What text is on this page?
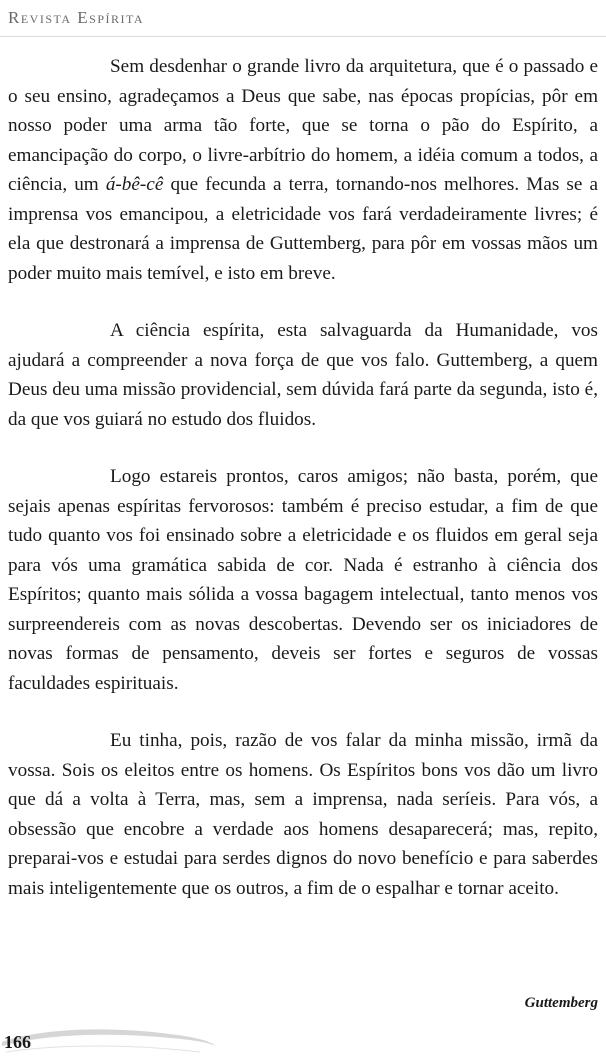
Revista Espírita

Sem desdenhar o grande livro da arquitetura, que é o passado e o seu ensino, agradeçamos a Deus que sabe, nas épocas propícias, pôr em nosso poder uma arma tão forte, que se torna o pão do Espírito, a emancipação do corpo, o livre-arbítrio do homem, a idéia comum a todos, a ciência, um á-bê-cê que fecunda a terra, tornando-nos melhores. Mas se a imprensa vos emancipou, a eletricidade vos fará verdadeiramente livres; é ela que destronará a imprensa de Guttemberg, para pôr em vossas mãos um poder muito mais temível, e isto em breve.

A ciência espírita, esta salvaguarda da Humanidade, vos ajudará a compreender a nova força de que vos falo. Guttemberg, a quem Deus deu uma missão providencial, sem dúvida fará parte da segunda, isto é, da que vos guiará no estudo dos fluidos.

Logo estareis prontos, caros amigos; não basta, porém, que sejais apenas espíritas fervorosos: também é preciso estudar, a fim de que tudo quanto vos foi ensinado sobre a eletricidade e os fluidos em geral seja para vós uma gramática sabida de cor. Nada é estranho à ciência dos Espíritos; quanto mais sólida a vossa bagagem intelectual, tanto menos vos surpreendereis com as novas descobertas. Devendo ser os iniciadores de novas formas de pensamento, deveis ser fortes e seguros de vossas faculdades espirituais.

Eu tinha, pois, razão de vos falar da minha missão, irmã da vossa. Sois os eleitos entre os homens. Os Espíritos bons vos dão um livro que dá a volta à Terra, mas, sem a imprensa, nada seríeis. Para vós, a obsessão que encobre a verdade aos homens desaparecerá; mas, repito, preparai-vos e estudai para serdes dignos do novo benefício e para saberdes mais inteligentemente que os outros, a fim de o espalhar e tornar aceito.

Guttemberg
166
